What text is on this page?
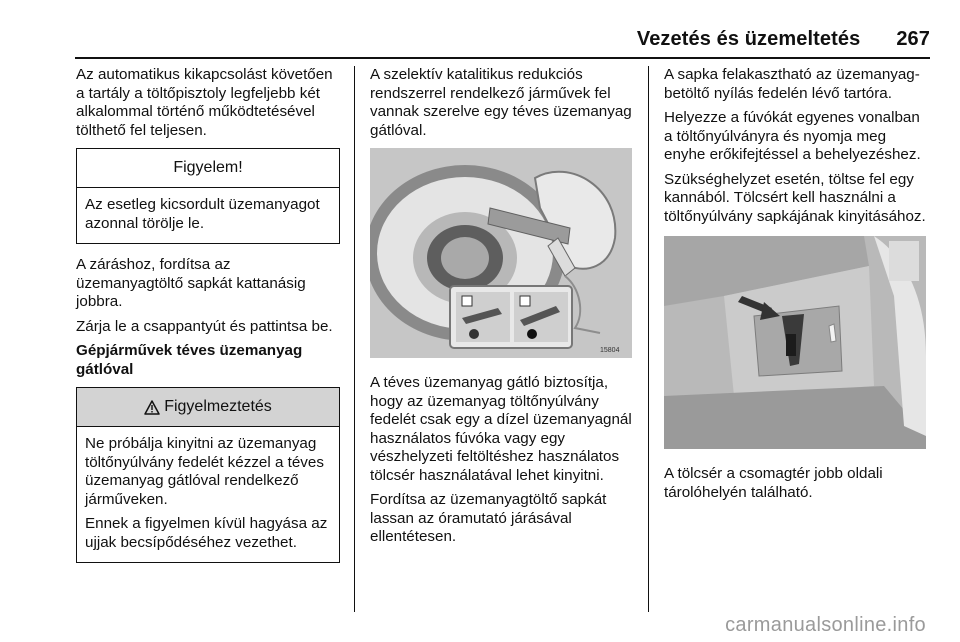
Vezetés és üzemeltetés 267

Az automatikus kikapcsolást követően a tartály a töltőpisztoly legfeljebb két alkalommal történő működtetésével tölthető fel teljesen.

Figyelem!

Az esetleg kicsordult üzemanyagot azonnal törölje le.

A záráshoz, fordítsa az üzemanyagtöltő sapkát kattanásig jobbra.

Zárja le a csappantyút és pattintsa be.

Gépjárművek téves üzemanyag gátlóval

Figyelmeztetés

Ne próbálja kinyitni az üzemanyag töltőnyúlvány fedelét kézzel a téves üzemanyag gátlóval rendelkező járműveken.

Ennek a figyelmen kívül hagyása az ujjak becsípődéséhez vezethet.

A szelektív katalitikus redukciós rendszerrel rendelkező járművek fel vannak szerelve egy téves üzemanyag gátlóval.

15804

A téves üzemanyag gátló biztosítja, hogy az üzemanyag töltőnyúlvány fedelét csak egy a dízel üzemanyagnál használatos fúvóka vagy egy vészhelyzeti feltöltéshez használatos tölcsér használatával lehet kinyitni.

Fordítsa az üzemanyagtöltő sapkát lassan az óramutató járásával ellentétesen.

A sapka felakasztható az üzemanyag-betöltő nyílás fedelén lévő tartóra.

Helyezze a fúvókát egyenes vonalban a töltőnyúlványra és nyomja meg enyhe erőkifejtéssel a behelyezéshez.

Szükséghelyzet esetén, töltse fel egy kannából. Tölcsért kell használni a töltőnyúlvány sapkájának kinyitásához.

A tölcsér a csomagtér jobb oldali tárolóhelyén található.

carmanualsonline.info
